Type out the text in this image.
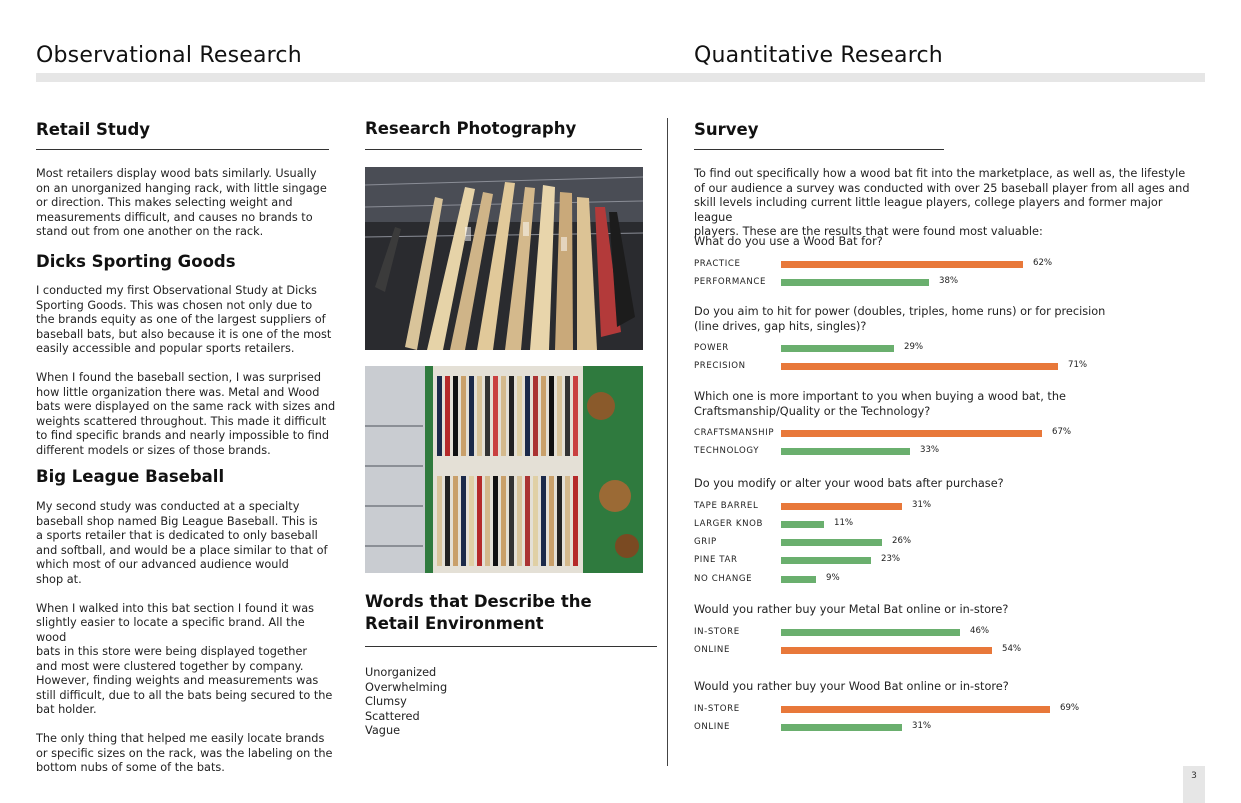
Observational Research	Quantitative Research
Retail Study

Most retailers display wood bats similarly. Usually
on an unorganized hanging rack, with little singage
or direction. This makes selecting weight and
measurements difficult, and causes no brands to
stand out from one another on the rack.

Dicks Sporting Goods

I conducted my first Observational Study at Dicks
Sporting Goods. This was chosen not only due to
the brands equity as one of the largest suppliers of
baseball bats, but also because it is one of the most
easily accessible and popular sports retailers.

When I found the baseball section, I was surprised
how little organization there was. Metal and Wood
bats were displayed on the same rack with sizes and
weights scattered throughout. This made it difficult
to find specific brands and nearly impossible to find
different models or sizes of those brands.

Big League Baseball

My second study was conducted at a specialty
baseball shop named Big League Baseball. This is
a sports retailer that is dedicated to only baseball
and softball, and would be a place similar to that of
which most of our advanced audience would
shop at.

When I walked into this bat section I found it was
slightly easier to locate a specific brand. All the wood
bats in this store were being displayed together
and most were clustered together by company.
However, finding weights and measurements was
still difficult, due to all the bats being secured to the
bat holder.

The only thing that helped me easily locate brands
or specific sizes on the rack, was the labeling on the
bottom nubs of some of the bats.

Research Photography
Words that Describe the
Retail Environment
Unorganized
Overwhelming
Clumsy
Scattered
Vague
Survey

To find out specifically how a wood bat fit into the marketplace, as well as, the lifestyle
of our audience a survey was conducted with over 25 baseball player from all ages and
skill levels including current little league players, college players and former major league
players. These are the results that were found most valuable:

What do you use a Wood Bat for?
PRACTICE	62%
PERFORMANCE	38%
Do you aim to hit for power (doubles, triples, home runs) or for precision
(line drives, gap hits, singles)?
POWER	29%
PRECISION	71%
Which one is more important to you when buying a wood bat, the
Craftsmanship/Quality or the Technology?
CRAFTSMANSHIP	67%
TECHNOLOGY	33%
Do you modify or alter your wood bats after purchase?
TAPE BARREL	31%
LARGER KNOB	11%
GRIP	26%
PINE TAR	23%
NO CHANGE	9%
Would you rather buy your Metal Bat online or in-store?
IN-STORE	46%
ONLINE	54%
Would you rather buy your Wood Bat online or in-store?
IN-STORE	69%
ONLINE	31%
3
